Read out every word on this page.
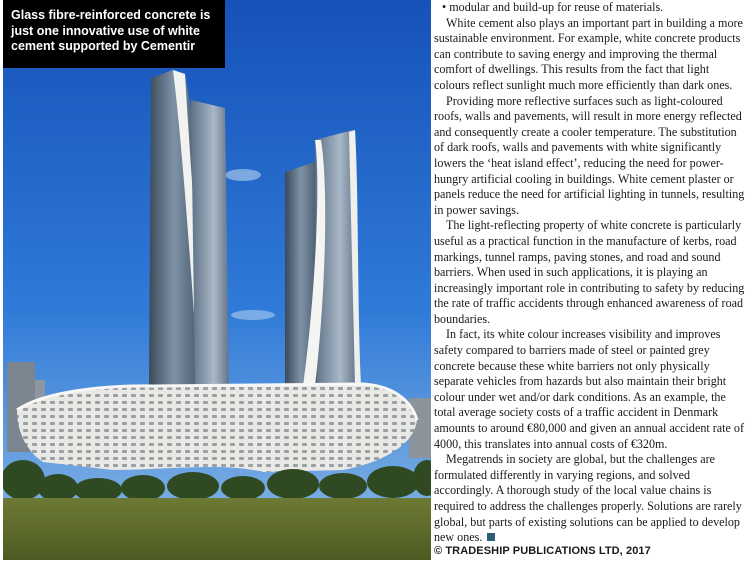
Glass fibre-reinforced concrete is just one innovative use of white cement supported by Cementir

• modular and build-up for reuse of materials.

White cement also plays an important part in building a more sustainable environment. For example, white concrete products can contribute to saving energy and improving the thermal comfort of dwellings. This results from the fact that light colours reflect sunlight much more efficiently than dark ones.

Providing more reflective surfaces such as light-coloured roofs, walls and pavements, will result in more energy reflected and consequently create a cooler temperature. The substitution of dark roofs, walls and pavements with white significantly lowers the ‘heat island effect’, reducing the need for power-hungry artificial cooling in buildings. White cement plaster or panels reduce the need for artificial lighting in tunnels, resulting in power savings.

The light-reflecting property of white concrete is particularly useful as a practical function in the manufacture of kerbs, road markings, tunnel ramps, paving stones, and road and sound barriers. When used in such applications, it is playing an increasingly important role in contributing to safety by reducing the rate of traffic accidents through enhanced awareness of road boundaries.

In fact, its white colour increases visibility and improves safety compared to barriers made of steel or painted grey concrete because these white barriers not only physically separate vehicles from hazards but also maintain their bright colour under wet and/or dark conditions. As an example, the total average society costs of a traffic accident in Denmark amounts to around €80,000 and given an annual accident rate of 4000, this translates into annual costs of €320m.

Megatrends in society are global, but the challenges are formulated differently in varying regions, and solved accordingly. A thorough study of the local value chains is required to address the challenges properly. Solutions are rarely global, but parts of existing solutions can be applied to develop new ones.

© TRADESHIP PUBLICATIONS LTD, 2017
